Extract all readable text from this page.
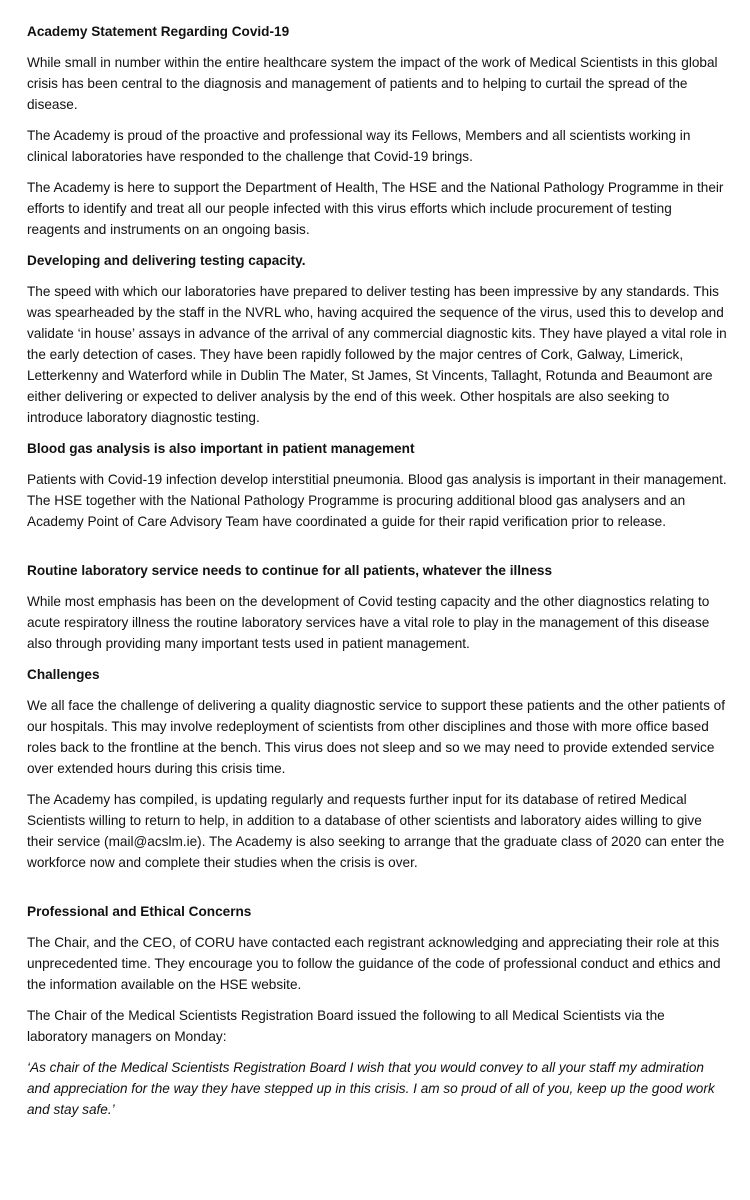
Academy Statement Regarding Covid-19

While small in number within the entire healthcare system the impact of the work of Medical Scientists in this global crisis has been central to the diagnosis and management of patients and to helping to curtail the spread of the disease.

The Academy is proud of the proactive and professional way its Fellows, Members and all scientists working in clinical laboratories have responded to the challenge that Covid-19 brings.

The Academy is here to support the Department of Health, The HSE and the National Pathology Programme in their efforts to identify and treat all our people infected with this virus efforts which include procurement of testing reagents and instruments on an ongoing basis.

Developing and delivering testing capacity.

The speed with which our laboratories have prepared to deliver testing has been impressive by any standards. This was spearheaded by the staff in the NVRL who, having acquired the sequence of the virus, used this to develop and validate ‘in house’ assays in advance of the arrival of any commercial diagnostic kits. They have played a vital role in the early detection of cases. They have been rapidly followed by the major centres of Cork, Galway, Limerick, Letterkenny and Waterford while in Dublin The Mater, St James, St Vincents, Tallaght, Rotunda and Beaumont are either delivering or expected to deliver analysis by the end of this week. Other hospitals are also seeking to introduce laboratory diagnostic testing.

Blood gas analysis is also important in patient management

Patients with Covid-19 infection develop interstitial pneumonia. Blood gas analysis is important in their management. The HSE together with the National Pathology Programme is procuring additional blood gas analysers and an Academy Point of Care Advisory Team have coordinated a guide for their rapid verification prior to release.

Routine laboratory service needs to continue for all patients, whatever the illness

While most emphasis has been on the development of Covid testing capacity and the other diagnostics relating to acute respiratory illness the routine laboratory services have a vital role to play in the management of this disease also through providing many important tests used in patient management.

Challenges

We all face the challenge of delivering a quality diagnostic service to support these patients and the other patients of our hospitals. This may involve redeployment of scientists from other disciplines and those with more office based roles back to the frontline at the bench. This virus does not sleep and so we may need to provide extended service over extended hours during this crisis time.

The Academy has compiled, is updating regularly and requests further input for its database of retired Medical Scientists willing to return to help, in addition to a database of other scientists and laboratory aides willing to give their service (mail@acslm.ie). The Academy is also seeking to arrange that the graduate class of 2020 can enter the workforce now and complete their studies when the crisis is over.

Professional and Ethical Concerns

The Chair, and the CEO, of CORU have contacted each registrant acknowledging and appreciating their role at this unprecedented time. They encourage you to follow the guidance of the code of professional conduct and ethics and the information available on the HSE website.

The Chair of the Medical Scientists Registration Board issued the following to all Medical Scientists via the laboratory managers on Monday:

‘As chair of the Medical Scientists Registration Board I wish that you would convey to all your staff my admiration and appreciation for the way they have stepped up in this crisis. I am so proud of all of you, keep up the good work and stay safe.’
